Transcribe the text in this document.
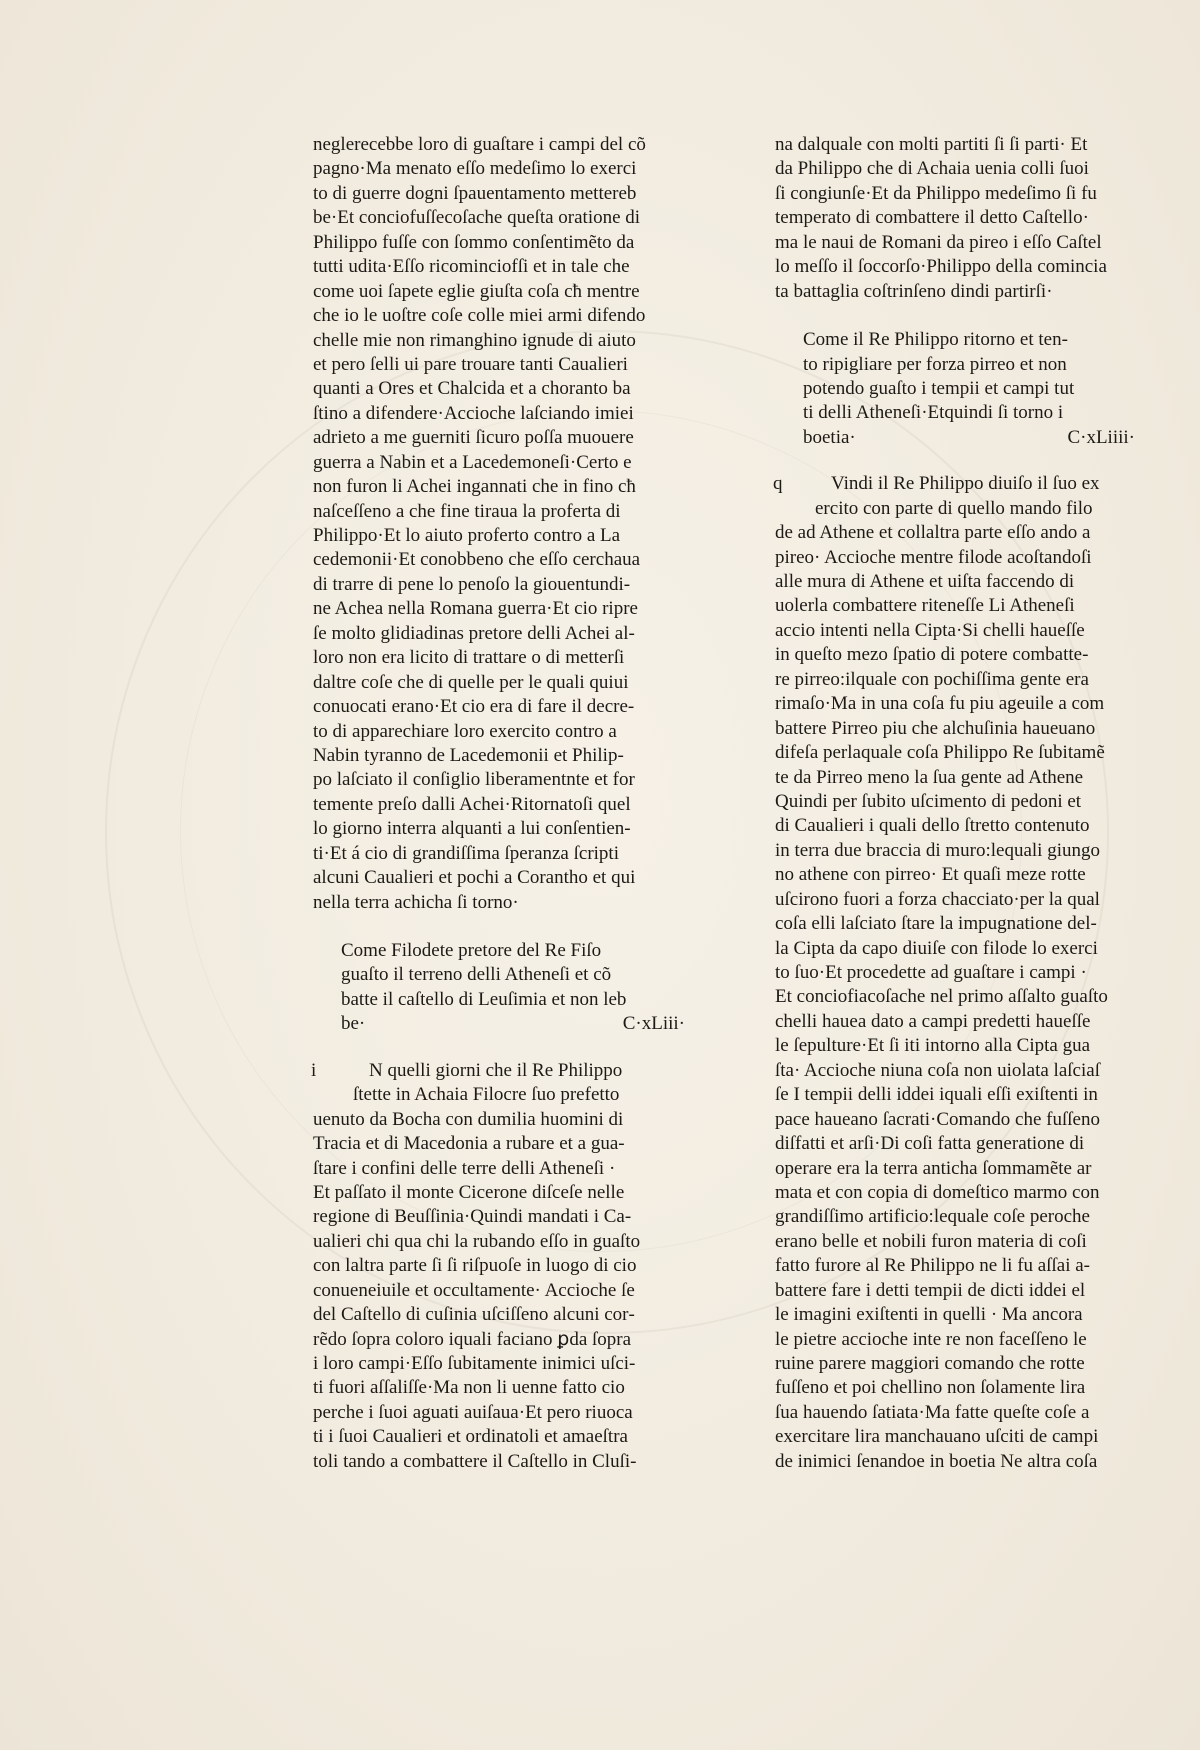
neglerecebbe loro di guaſtare i campi del cõ
pagno·Ma menato eſſo medeſimo lo exerci
to di guerre dogni ſpauentamento mettereb
be·Et conciofuſſecoſache queſta oratione di
Philippo fuſſe con ſommo conſentimẽto da
tutti udita·Eſſo ricominciofſi et in tale che
come uoi ſapete eglie giuſta coſa cħ mentre
che io le uoſtre coſe colle miei armi difendo
chelle mie non rimanghino ignude di aiuto
et pero ſelli ui pare trouare tanti Caualieri
quanti a Ores et Chalcida et a choranto ba
ſtino a difendere·Accioche laſciando imiei
adrieto a me guerniti ſicuro poſſa muouere
guerra a Nabin et a Lacedemoneſi·Certo e
non furon li Achei ingannati che in fino cħ
naſceſſeno a che fine tiraua la proferta di
Philippo·Et lo aiuto proferto contro a La
cedemonii·Et conobbeno che eſſo cerchaua
di trarre di pene lo penoſo la giouentundi‐
ne Achea nella Romana guerra·Et cio ripre
ſe molto glidiadinas pretore delli Achei al‐
loro non era licito di trattare o di metterſi
daltre coſe che di quelle per le quali quiui
conuocati erano·Et cio era di fare il decre‐
to di apparechiare loro exercito contro a
Nabin tyranno de Lacedemonii et Philip‐
po laſciato il conſiglio liberamentnte et for
temente preſo dalli Achei·Ritornatoſi quel
lo giorno interra alquanti a lui conſentien‐
ti·Et á cio di grandiſſima ſperanza ſcripti
alcuni Caualieri et pochi a Corantho et qui
nella terra achicha ſi torno·
Come Filodete pretore del Re Fiſo
guaſto il terreno delli Atheneſi et cõ
batte il caſtello di Leuſimia et non leb
be·	C·xLiii·
i	N quelli giorni che il Re Philippo
ſtette in Achaia Filocre ſuo prefetto
uenuto da Bocha con dumilia huomini di
Tracia et di Macedonia a rubare et a gua‐
ſtare i confini delle terre delli Atheneſi ·
Et paſſato il monte Cicerone diſceſe nelle
regione di Beuſſinia·Quindi mandati i Ca‐
ualieri chi qua chi la rubando eſſo in guaſto
con laltra parte ſi ſi riſpuoſe in luogo di cio
conueneiuile et occultamente· Accioche ſe
del Caſtello di cuſinia uſciſſeno alcuni cor‐
rẽdo ſopra coloro iquali faciano ꝑda ſopra
i loro campi·Eſſo ſubitamente inimici uſci‐
ti fuori aſſaliſſe·Ma non li uenne fatto cio
perche i ſuoi aguati auiſaua·Et pero riuoca
ti i ſuoi Caualieri et ordinatoli et amaeſtra
toli tando a combattere il Caſtello in Cluſi‐
na dalquale con molti partiti ſi ſi parti· Et
da Philippo che di Achaia uenia colli ſuoi
ſi congiunſe·Et da Philippo medeſimo ſi fu
temperato di combattere il detto Caſtello·
ma le naui de Romani da pireo i eſſo Caſtel
lo meſſo il ſoccorſo·Philippo della comincia
ta battaglia coſtrinſeno dindi partirſi·
Come il Re Philippo ritorno et ten‐
to ripigliare per forza pirreo et non
potendo guaſto i tempii et campi tut
ti delli Atheneſi·Etquindi ſi torno i
boetia·	C·xLiiii·
q	Vindi il Re Philippo diuiſo il ſuo ex
ercito con parte di quello mando filo
de ad Athene et collaltra parte eſſo ando a
pireo· Accioche mentre filode acoſtandoſi
alle mura di Athene et uiſta faccendo di
uolerla combattere riteneſſe Li Atheneſi
accio intenti nella Cipta·Si chelli haueſſe
in queſto mezo ſpatio di potere combatte‐
re pirreo:ilquale con pochiſſima gente era
rimaſo·Ma in una coſa fu piu ageuile a com
battere Pirreo piu che alchuſinia haueuano
difeſa perlaquale coſa Philippo Re ſubitamẽ
te da Pirreo meno la ſua gente ad Athene
Quindi per ſubito uſcimento di pedoni et
di Caualieri i quali dello ſtretto contenuto
in terra due braccia di muro:lequali giungo
no athene con pirreo· Et quaſi meze rotte
uſcirono fuori a forza chacciato·per la qual
coſa elli laſciato ſtare la impugnatione del‐
la Cipta da capo diuiſe con filode lo exerci
to ſuo·Et procedette ad guaſtare i campi ·
Et conciofiacoſache nel primo aſſalto guaſto
chelli hauea dato a campi predetti haueſſe
le ſepulture·Et ſi iti intorno alla Cipta gua
ſta· Accioche niuna coſa non uiolata laſciaſ
ſe I tempii delli iddei iquali eſſi exiſtenti in
pace haueano ſacrati·Comando che fuſſeno
diſfatti et arſi·Di coſi fatta generatione di
operare era la terra anticha ſommamẽte ar
mata et con copia di domeſtico marmo con
grandiſſimo artificio:lequale coſe peroche
erano belle et nobili furon materia di coſi
fatto furore al Re Philippo ne li fu aſſai a‐
battere fare i detti tempii de dicti iddei el
le imagini exiſtenti in quelli · Ma ancora
le pietre accioche inte re non faceſſeno le
ruine parere maggiori comando che rotte
fuſſeno et poi chellino non ſolamente lira
ſua hauendo ſatiata·Ma fatte queſte coſe a
exercitare lira manchauano uſciti de campi
de inimici ſenandoe in boetia Ne altra coſa
